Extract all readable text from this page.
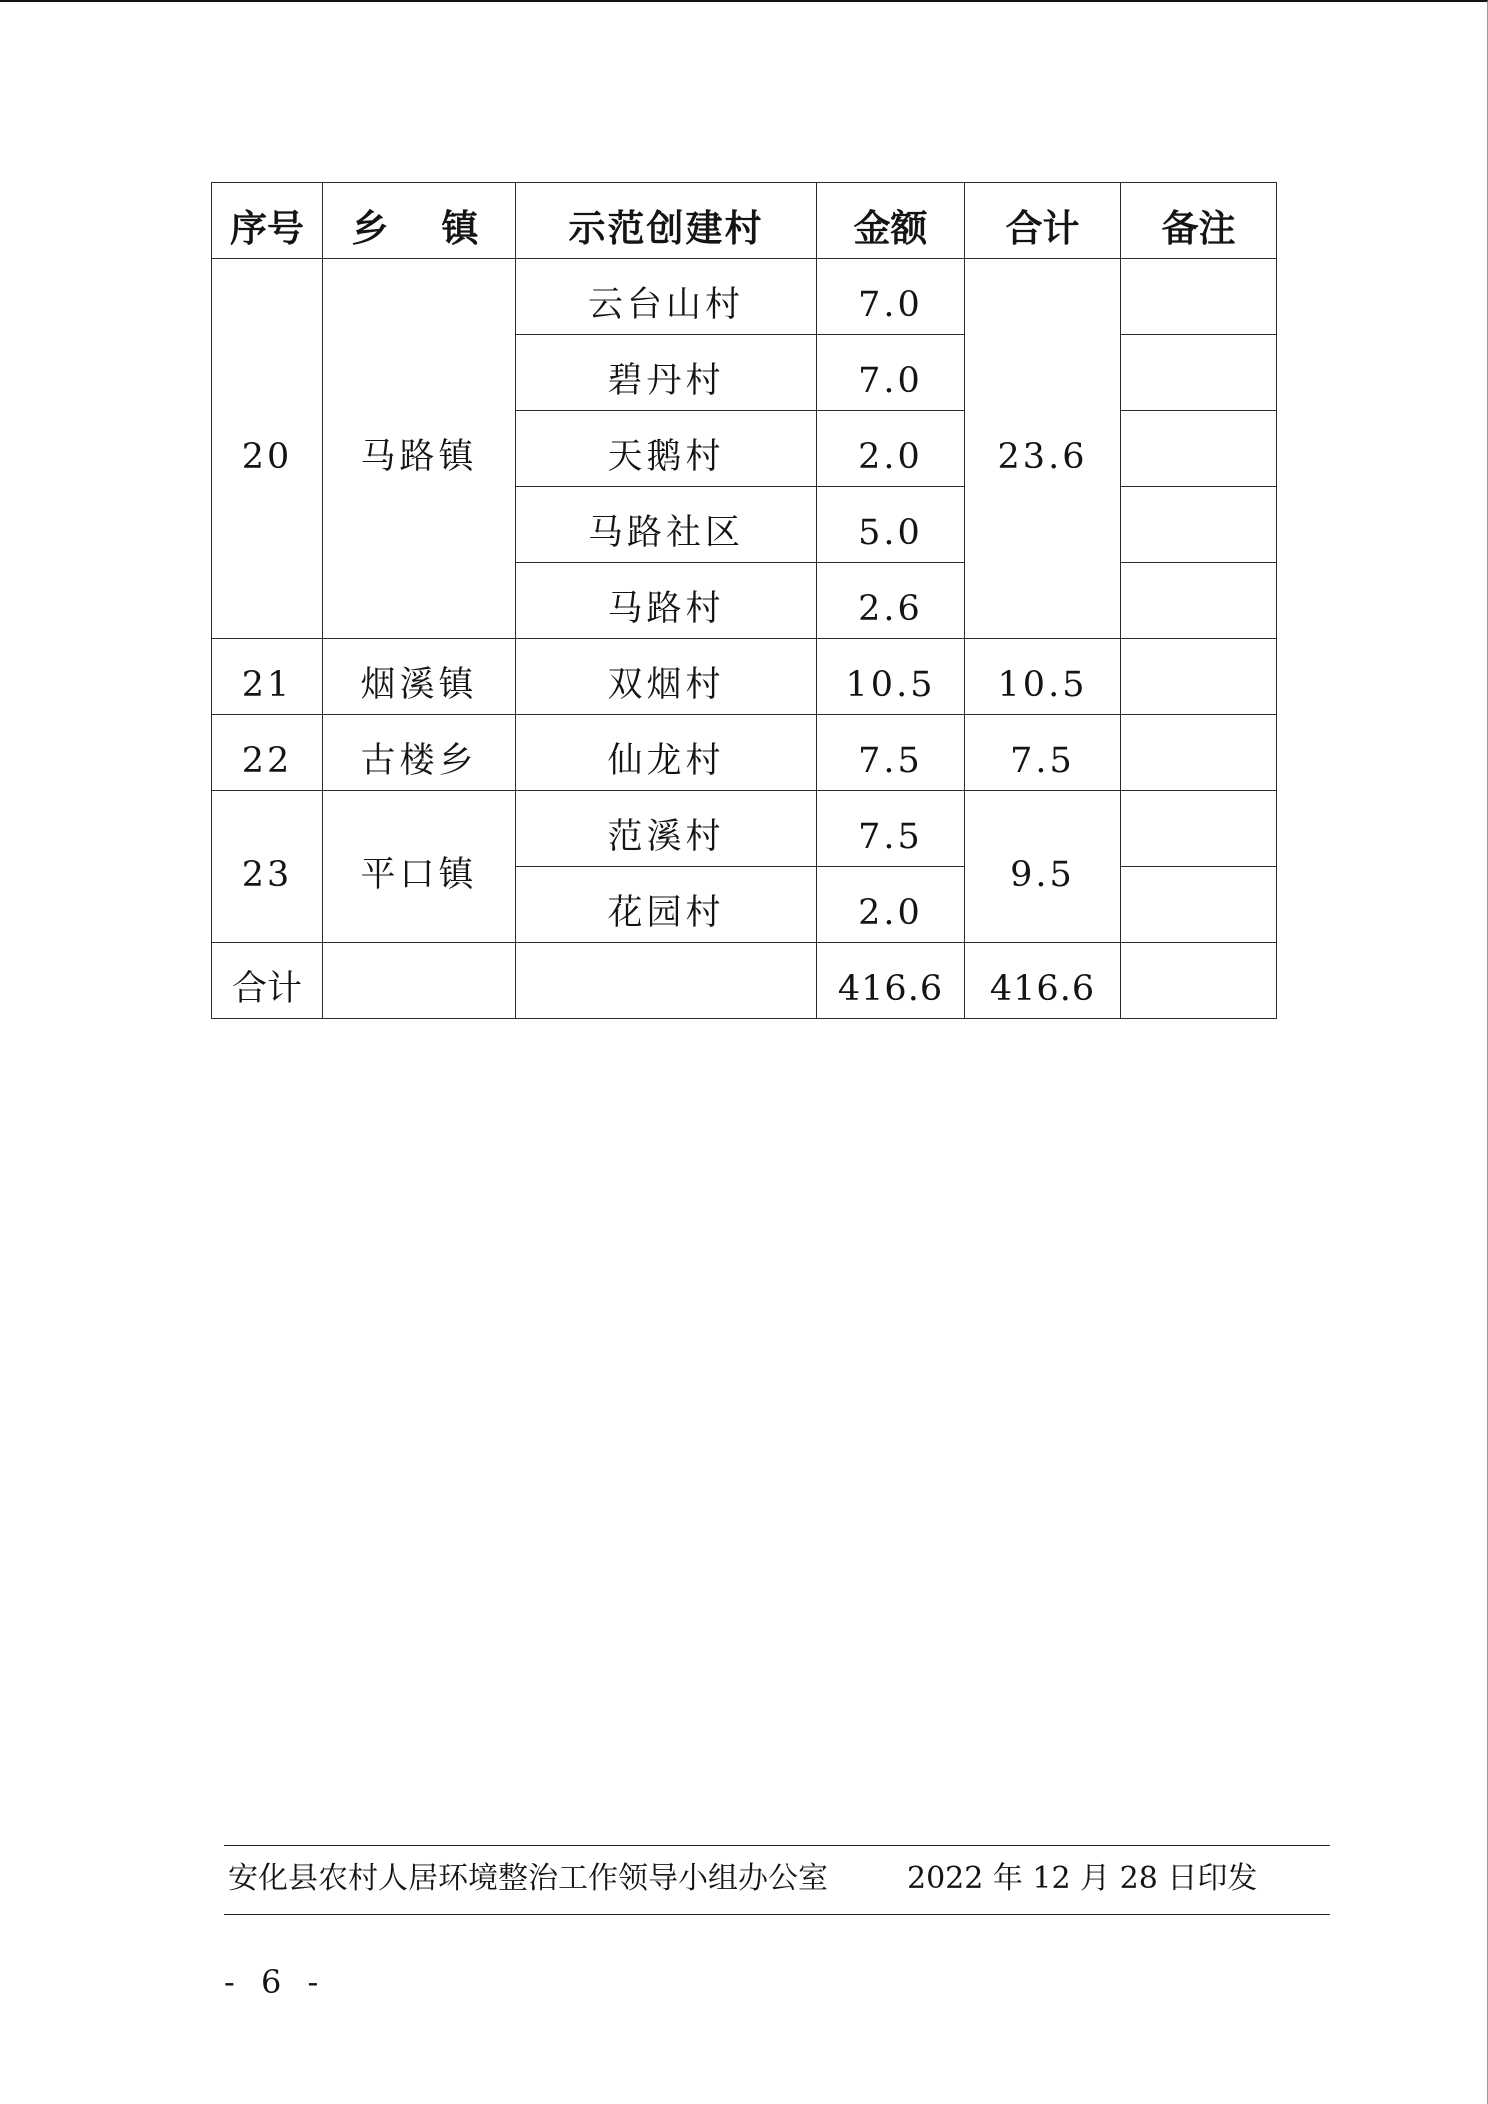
序号	乡　镇	示范创建村	金额	合计	备注
20	马路镇	云台山村	7.0	23.6	
		碧丹村	7.0		
		天鹅村	2.0		
		马路社区	5.0		
		马路村	2.6		
21	烟溪镇	双烟村	10.5	10.5	
22	古楼乡	仙龙村	7.5	7.5	
23	平口镇	范溪村	7.5	9.5	
		花园村	2.0		
合计			416.6	416.6	
安化县农村人居环境整治工作领导小组办公室	2022 年 12 月 28 日印发
- 6 -
